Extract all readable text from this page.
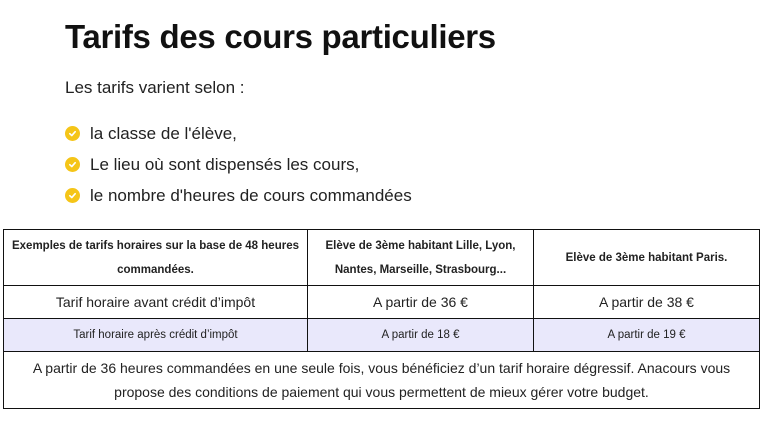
Tarifs des cours particuliers

Les tarifs varient selon :

la classe de l'élève,
Le lieu où sont dispensés les cours,
le nombre d'heures de cours commandées
Exemples de tarifs horaires sur la base de 48 heures commandées.	Elève de 3ème habitant Lille, Lyon, Nantes, Marseille, Strasbourg...	Elève de 3ème habitant Paris.
Tarif horaire avant crédit d’impôt	A partir de 36 €	A partir de 38 €
Tarif horaire après crédit d’impôt	A partir de 18 €	A partir de 19 €
A partir de 36 heures commandées en une seule fois, vous bénéficiez d’un tarif horaire dégressif. Anacours vous propose des conditions de paiement qui vous permettent de mieux gérer votre budget.		
